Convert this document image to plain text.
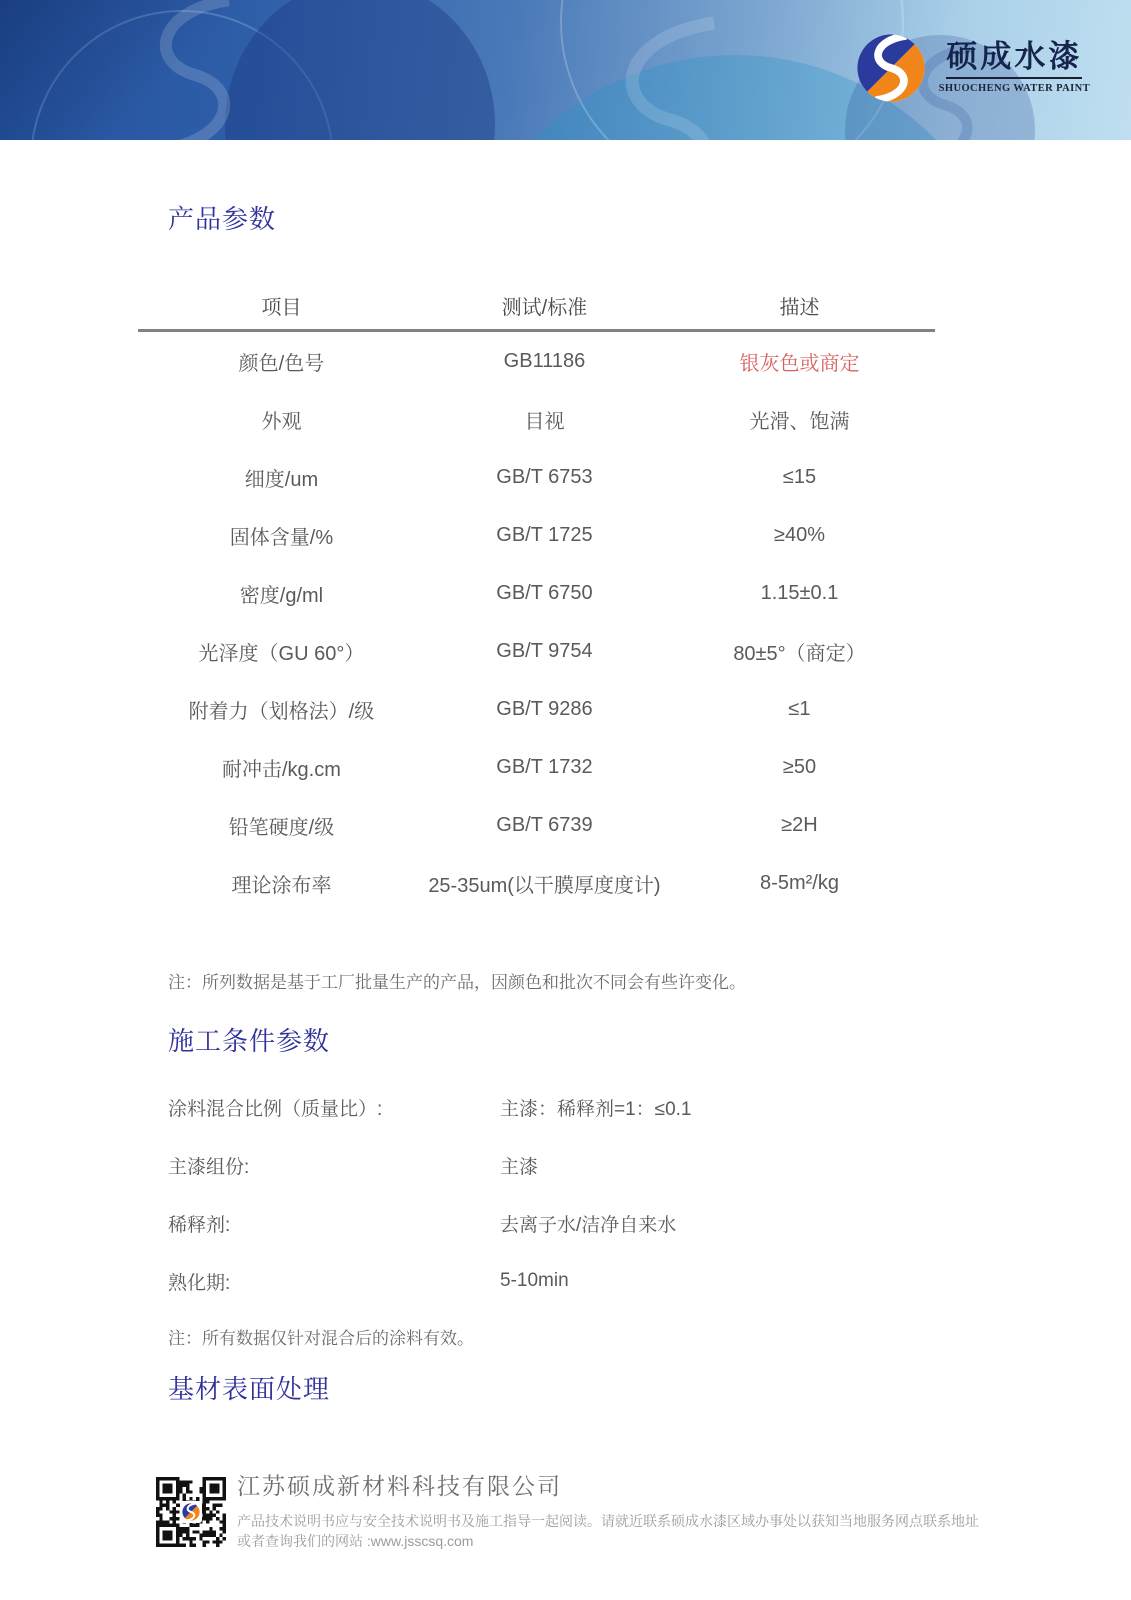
硕成水漆
SHUOCHENG WATER PAINT
产品参数
项目	测试/标准	描述
颜色/色号	GB11186	银灰色或商定
外观	目视	光滑、饱满
细度/um	GB/T 6753	≤15
固体含量/%	GB/T 1725	≥40%
密度/g/ml	GB/T 6750	1.15±0.1
光泽度（GU 60°）	GB/T 9754	80±5°（商定）
附着力（划格法）/级	GB/T 9286	≤1
耐冲击/kg.cm	GB/T 1732	≥50
铅笔硬度/级	GB/T 6739	≥2H
理论涂布率	25-35um(以干膜厚度度计)	8-5m²/kg
注：所列数据是基于工厂批量生产的产品，因颜色和批次不同会有些许变化。
施工条件参数
涂料混合比例（质量比）:	主漆：稀释剂=1：≤0.1
主漆组份:	主漆
稀释剂:	去离子水/洁净自来水
熟化期:	5-10min
注：所有数据仅针对混合后的涂料有效。
基材表面处理
江苏硕成新材料科技有限公司
产品技术说明书应与安全技术说明书及施工指导一起阅读。请就近联系硕成水漆区域办事处以获知当地服务网点联系地址
或者查询我们的网站 :www.jsscsq.com
